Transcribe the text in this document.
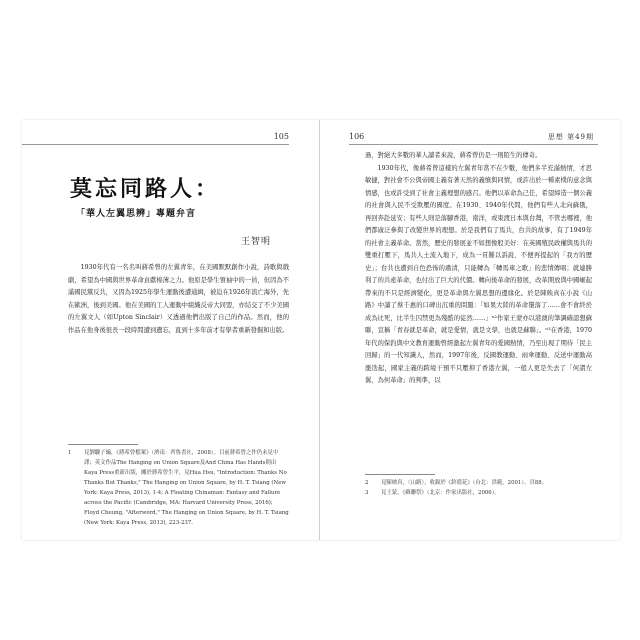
105
莫忘同路人：
「華人左翼思辨」專題弁言
王智明

1930年代有一名名叫蔣希曾的左翼青年，在美國默默創作小說，詩歌與戲劇，希望為中國與世界革命貢獻棉薄之力。他原是學生領袖中的一員，但因為不滿國民黨反共，又因為1925年學生運動後遭通緝，被迫在1926年流亡海外，先在歐洲，後到美國。他在美國的工人運動中組織反帝大同盟，亦結交了不少美國的左翼文人（如Upton Sinclair）又透過他們出版了自己的作品。然而，他的作品在他身後很長一段時間遭到遺忘，直到十多年前才有學者重新發掘和出版。

1	見劉驟子編，《蔣希曾檔案》（濟南：齊魯書社，2008）。目前蔣希曾之作仍未見中譯；英文作品The Hanging on Union Square及And China Has Hands則由Kaya Press重新出版，關於蔣希曾生平，見Hua Hsu, "Introduction: Thanks No Thanks But Thanks," The Hanging on Union Square, by H. T. Tsiang (New York: Kaya Press, 2013), 1-4; A Floating Chinaman: Fantasy and Failure across the Pacific (Cambridge, MA: Harvard University Press, 2016); Floyd Cheung, "Afterword," The Hanging on Union Square, by H. T. Tsiang (New York: Kaya Press, 2013), 223-237.
106	思想 第49期

過，對絕大多數的華人讀者來說，蔣希曾仍是一則陌生的傳奇。

1930年代，像蔣希曾這樣的左翼青年當不在少數，他們多半充滿熱情，才思敏捷，對社會不公與帝國主義有著天然的義憤與同情，或許出於一種素樸的意念與情感，也或許受到了社會主義理想的感召。他們以革命為己任，希望締造一個公義的社會與人民不受欺壓的國度。在1930、1940年代間，他們有些人北向蘇俄，再回奔赴延安；有些人則是落腳香港，南洋，或東渡日本與台灣，不管去哪裡，他們都廣泛參與了改變世界的理想。於是我們有了馬共，台共的故事，有了1949年的社會主義革命。當然，歷史的發展並不如想像般美好：在英國殖民政權與馬共的雙重打壓下，馬共人士流入地下，成為一頁難以訴說、不便再提起的「我方的歷史」；台共也遭到自色恐怖的肅清，只能轉為「轉馬車之歌」的悲情傳唱；就連勝利了的共產革命，也付出了巨大的代價。轉向後革命的發展，改革開放與中國崛起帶來的不只是經濟變化，更是革命與左翼思想的邊緣化。於是陳映真在小說《山路》中讀了蔡千惠的口碑出沉重的問題：「如果大陸的革命墮落了……會不會終於成為比死，比半生囚禁更為殘酷的徒然……」ⁿ²作家王蒙亦以港澳的筆調確認想蘇聯，宣稱「青春就是革命，就是愛情，就是文學，也就是蘇聯」。ⁿ³在香港，1970年代的保釣與中文教育運動曾經激起左翼青年的愛國熱情，乃至出現了期待「民主回歸」的一代知識人，然而，1997年後，反國教運動、雨傘運動、反送中運動高漲迭起，國家主義的跨境干預不只壓抑了香港左翼，一般人更是失去了「何謂左翼，為何革命」的判準，以

2	見陳映真，〈山路〉，收錄於《鈴璫花》（台北：洪範，2001），頁88。
3	見王蒙，《蘇聯祭》（北京：作家出版社，2006）。
